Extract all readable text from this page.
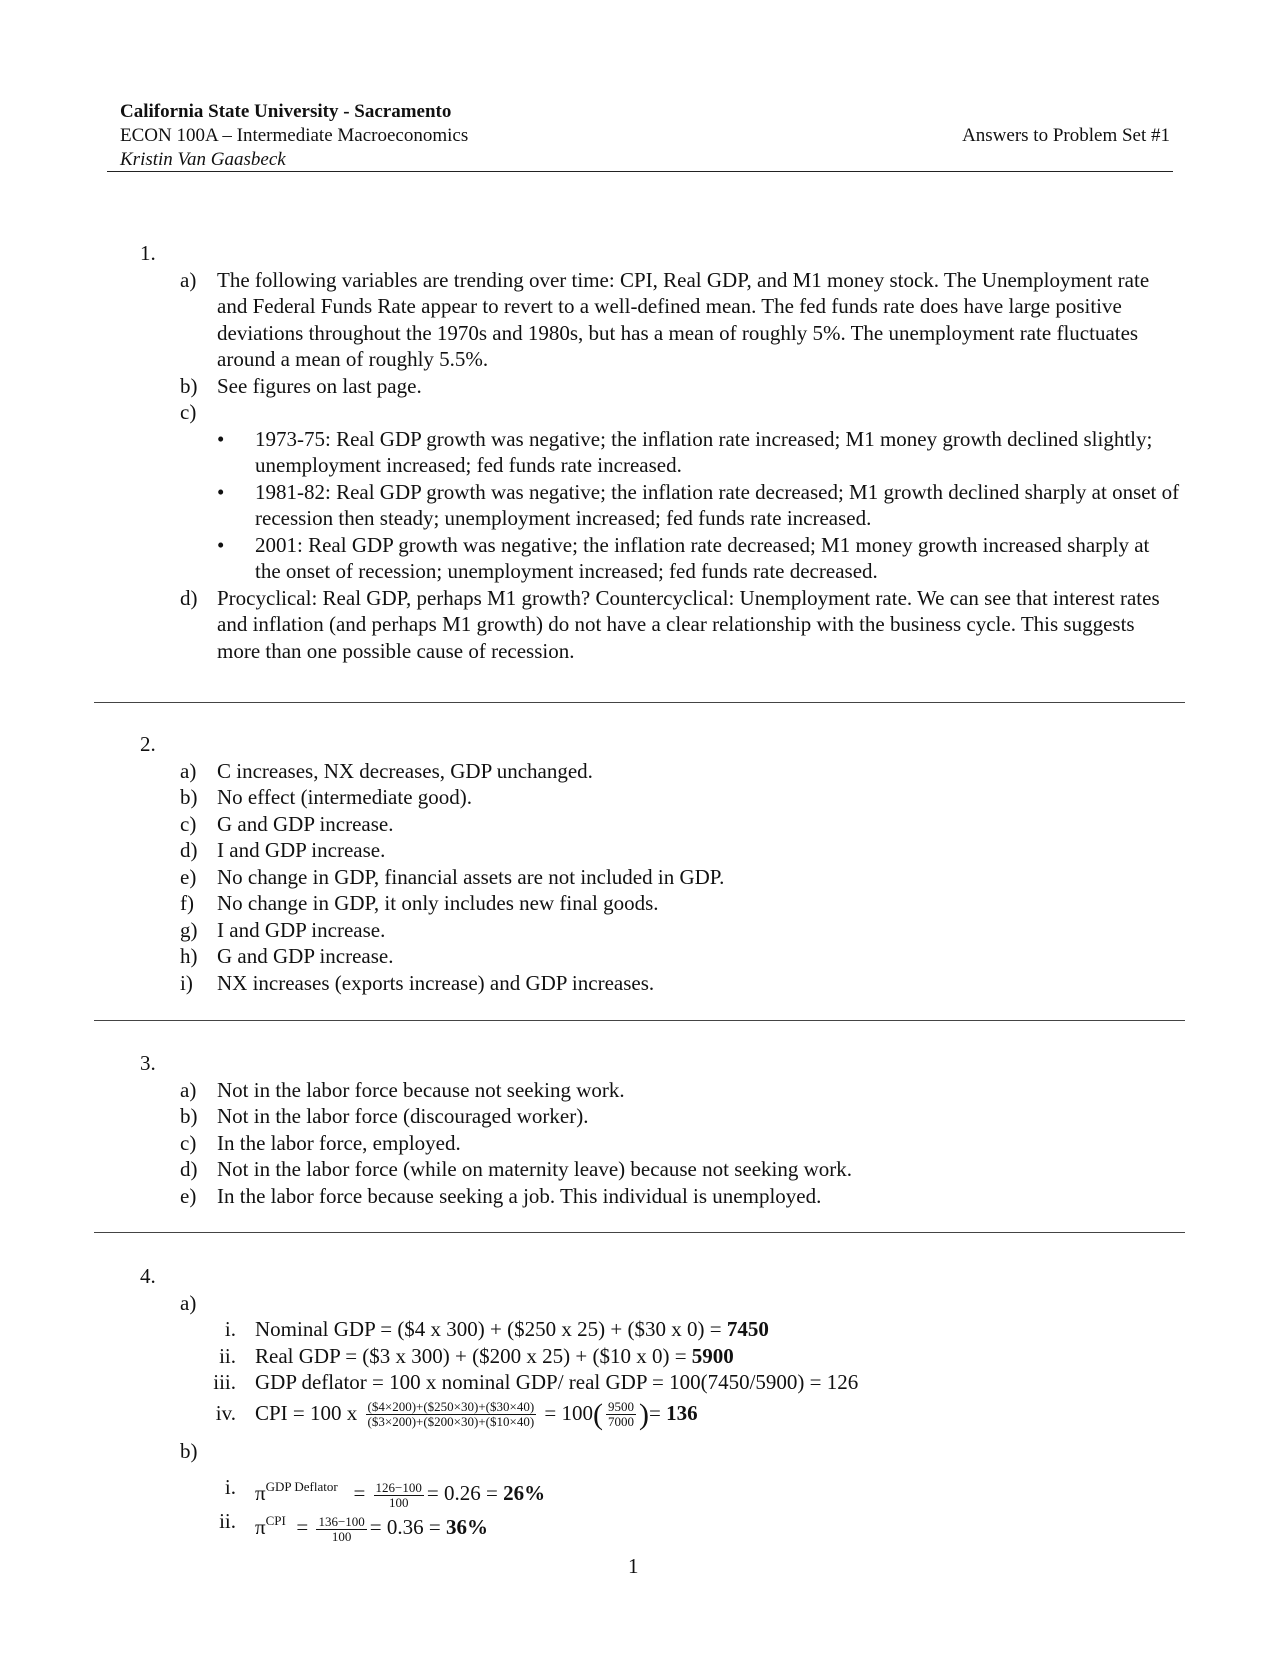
California State University - Sacramento
ECON 100A – Intermediate Macroeconomics
Kristin Van Gaasbeck
Answers to Problem Set #1
1.
a) The following variables are trending over time: CPI, Real GDP, and M1 money stock. The Unemployment rate and Federal Funds Rate appear to revert to a well-defined mean. The fed funds rate does have large positive deviations throughout the 1970s and 1980s, but has a mean of roughly 5%. The unemployment rate fluctuates around a mean of roughly 5.5%.
b) See figures on last page.
c)
• 1973-75: Real GDP growth was negative; the inflation rate increased; M1 money growth declined slightly; unemployment increased; fed funds rate increased.
• 1981-82: Real GDP growth was negative; the inflation rate decreased; M1 growth declined sharply at onset of recession then steady; unemployment increased; fed funds rate increased.
• 2001: Real GDP growth was negative; the inflation rate decreased; M1 money growth increased sharply at the onset of recession; unemployment increased; fed funds rate decreased.
d) Procyclical: Real GDP, perhaps M1 growth? Countercyclical: Unemployment rate. We can see that interest rates and inflation (and perhaps M1 growth) do not have a clear relationship with the business cycle. This suggests more than one possible cause of recession.
2.
a) C increases, NX decreases, GDP unchanged.
b) No effect (intermediate good).
c) G and GDP increase.
d) I and GDP increase.
e) No change in GDP, financial assets are not included in GDP.
f) No change in GDP, it only includes new final goods.
g) I and GDP increase.
h) G and GDP increase.
i) NX increases (exports increase) and GDP increases.
3.
a) Not in the labor force because not seeking work.
b) Not in the labor force (discouraged worker).
c) In the labor force, employed.
d) Not in the labor force (while on maternity leave) because not seeking work.
e) In the labor force because seeking a job. This individual is unemployed.
4.
a)
i. Nominal GDP = ($4 x 300) + ($250 x 25) + ($30 x 0) = 7450
ii. Real GDP = ($3 x 300) + ($200 x 25) + ($10 x 0) = 5900
iii. GDP deflator = 100 x nominal GDP/ real GDP = 100(7450/5900) = 126
iv. CPI = 100 x $\frac{(\$4\times 200)+(\$250\times 30)+(\$30\times 40)}{(\$3\times 200)+(\$200\times 30)+(\$10\times 40)} = 100( \frac{9500}{7000}$ )= 136
b)
i. $\pi^{GDP Deflator} = \frac{126-100}{100} = 0.26 = 26\%$
ii. $\pi^{CPI} = \frac{136-100}{100} = 0.36 = 36\%$
1
